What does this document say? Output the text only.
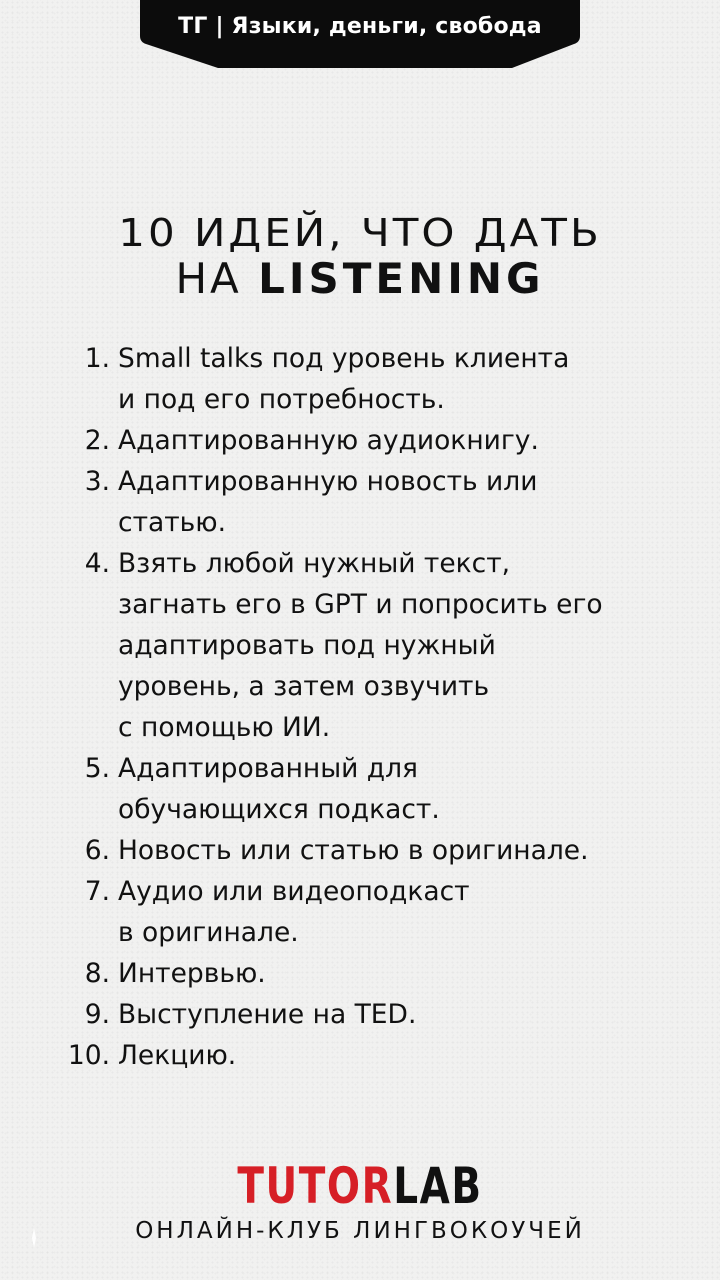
ТГ | Языки, деньги, свобода
10 ИДЕЙ, ЧТО ДАТЬ
НА LISTENING
1. Small talks под уровень клиента
и под его потребность.
2. Адаптированную аудиокнигу.
3. Адаптированную новость или
статью.
4. Взять любой нужный текст,
загнать его в GPT и попросить его
адаптировать под нужный
уровень, а затем озвучить
с помощью ИИ.
5. Адаптированный для
обучающихся подкаст.
6. Новость или статью в оригинале.
7. Аудио или видеоподкаст
в оригинале.
8. Интервью.
9. Выступление на TED.
10. Лекцию.
TUTORLAB
ОНЛАЙН-КЛУБ ЛИНГВОКОУЧЕЙ
